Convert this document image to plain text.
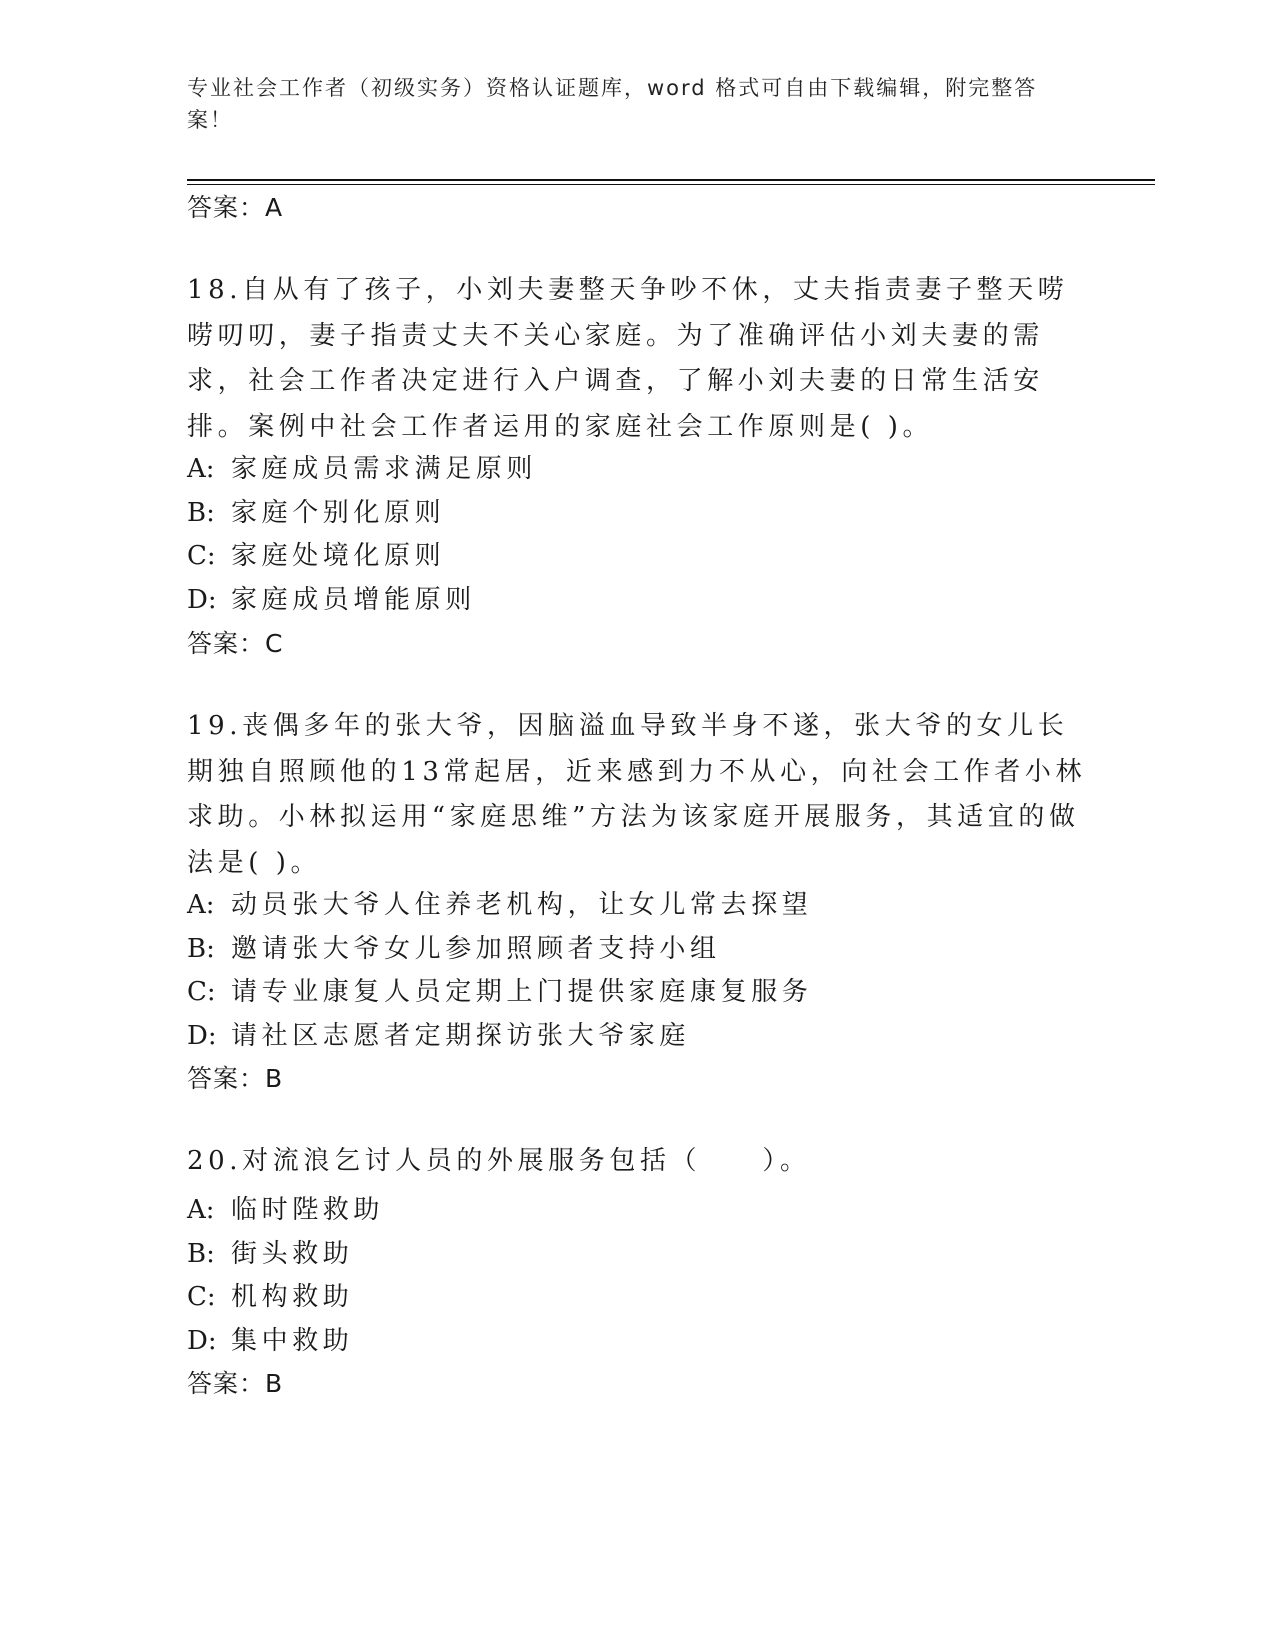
专业社会工作者（初级实务）资格认证题库，word 格式可自由下载编辑，附完整答案！
答案：A
18.自从有了孩子，小刘夫妻整天争吵不休，丈夫指责妻子整天唠唠叨叨，妻子指责丈夫不关心家庭。为了准确评估小刘夫妻的需求，社会工作者决定进行入户调查，了解小刘夫妻的日常生活安排。案例中社会工作者运用的家庭社会工作原则是( )。
A: 家庭成员需求满足原则
B: 家庭个别化原则
C: 家庭处境化原则
D: 家庭成员增能原则
答案：C
19.丧偶多年的张大爷，因脑溢血导致半身不遂，张大爷的女儿长期独自照顾他的13常起居，近来感到力不从心，向社会工作者小林求助。小林拟运用“家庭思维”方法为该家庭开展服务，其适宜的做法是( )。
A: 动员张大爷人住养老机构，让女儿常去探望
B: 邀请张大爷女儿参加照顾者支持小组
C: 请专业康复人员定期上门提供家庭康复服务
D: 请社区志愿者定期探访张大爷家庭
答案：B
20.对流浪乞讨人员的外展服务包括（　　）。
A: 临时陛救助
B: 街头救助
C: 机构救助
D: 集中救助
答案：B
